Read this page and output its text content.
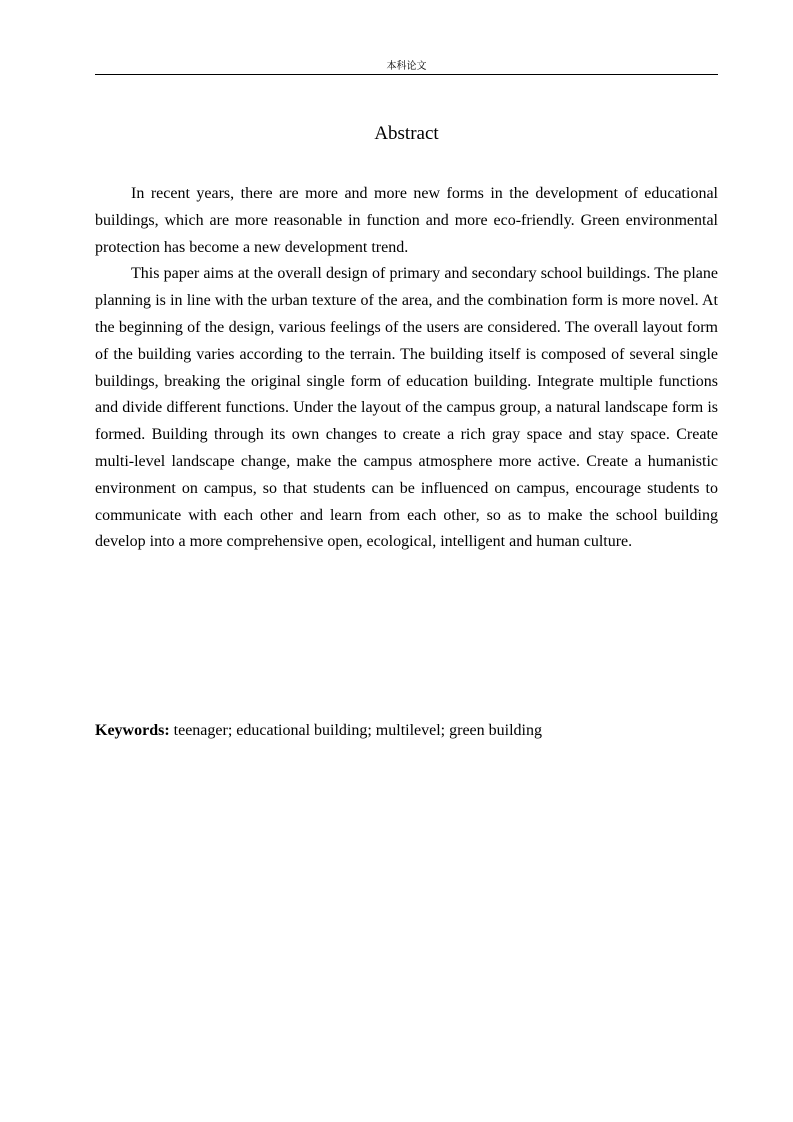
本科论文
Abstract

In recent years, there are more and more new forms in the development of educational buildings, which are more reasonable in function and more eco-friendly. Green environmental protection has become a new development trend.

This paper aims at the overall design of primary and secondary school buildings. The plane planning is in line with the urban texture of the area, and the combination form is more novel. At the beginning of the design, various feelings of the users are considered. The overall layout form of the building varies according to the terrain. The building itself is composed of several single buildings, breaking the original single form of education building. Integrate multiple functions and divide different functions. Under the layout of the campus group, a natural landscape form is formed. Building through its own changes to create a rich gray space and stay space. Create multi-level landscape change, make the campus atmosphere more active. Create a humanistic environment on campus, so that students can be influenced on campus, encourage students to communicate with each other and learn from each other, so as to make the school building develop into a more comprehensive open, ecological, intelligent and human culture.

Keywords: teenager; educational building; multilevel; green building
